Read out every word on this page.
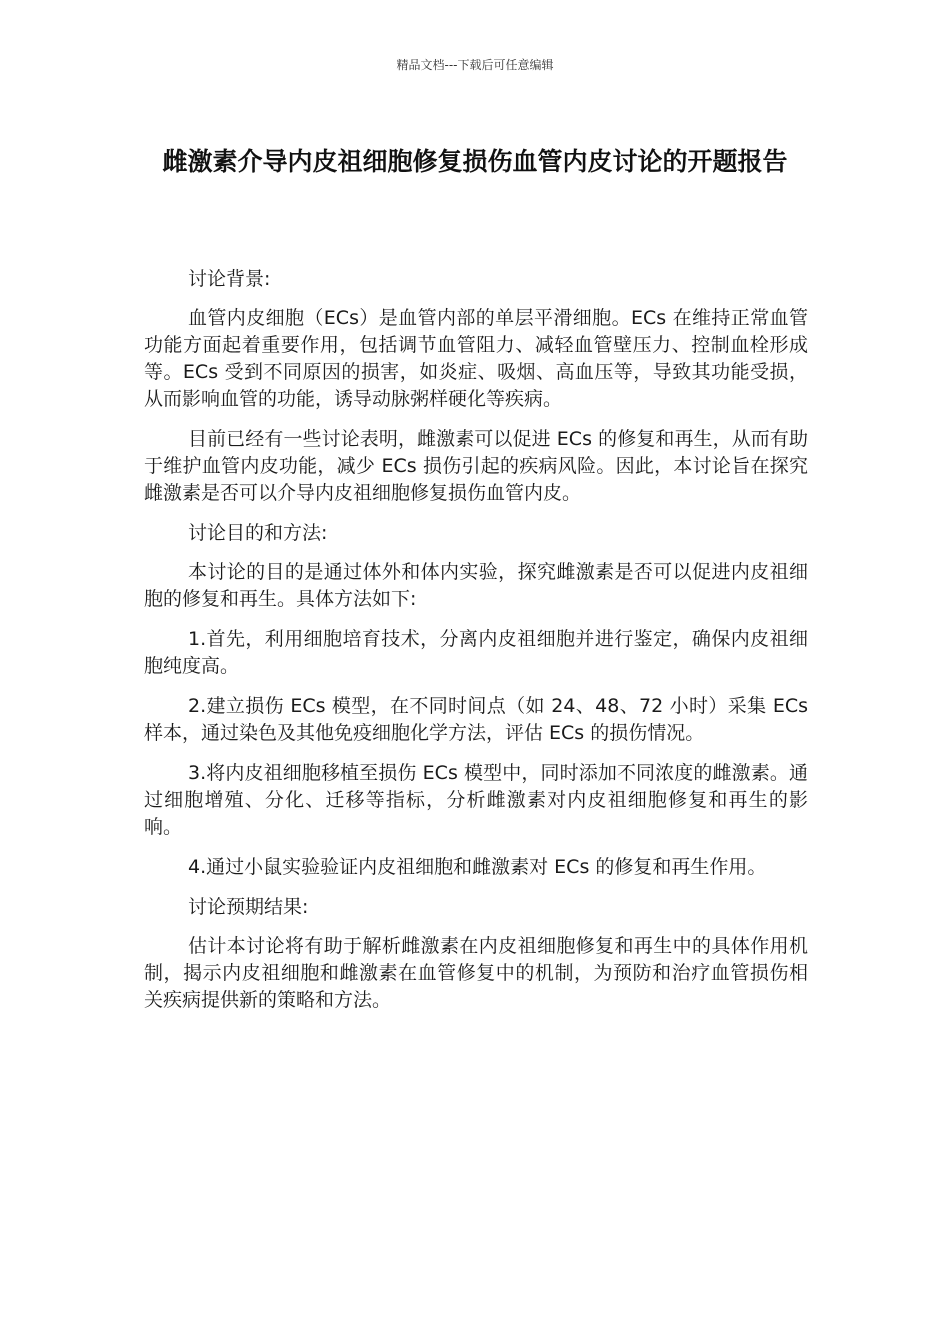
精品文档---下载后可任意编辑
雌激素介导内皮祖细胞修复损伤血管内皮讨论的开题报告

讨论背景:

血管内皮细胞（ECs）是血管内部的单层平滑细胞。ECs 在维持正常血管功能方面起着重要作用，包括调节血管阻力、减轻血管壁压力、控制血栓形成等。ECs 受到不同原因的损害，如炎症、吸烟、高血压等，导致其功能受损，从而影响血管的功能，诱导动脉粥样硬化等疾病。

目前已经有一些讨论表明，雌激素可以促进 ECs 的修复和再生，从而有助于维护血管内皮功能，减少 ECs 损伤引起的疾病风险。因此，本讨论旨在探究雌激素是否可以介导内皮祖细胞修复损伤血管内皮。

讨论目的和方法:

本讨论的目的是通过体外和体内实验，探究雌激素是否可以促进内皮祖细胞的修复和再生。具体方法如下:

1.首先，利用细胞培育技术，分离内皮祖细胞并进行鉴定，确保内皮祖细胞纯度高。

2.建立损伤 ECs 模型，在不同时间点（如 24、48、72 小时）采集 ECs 样本，通过染色及其他免疫细胞化学方法，评估 ECs 的损伤情况。

3.将内皮祖细胞移植至损伤 ECs 模型中，同时添加不同浓度的雌激素。通过细胞增殖、分化、迁移等指标，分析雌激素对内皮祖细胞修复和再生的影响。

4.通过小鼠实验验证内皮祖细胞和雌激素对 ECs 的修复和再生作用。

讨论预期结果:

估计本讨论将有助于解析雌激素在内皮祖细胞修复和再生中的具体作用机制，揭示内皮祖细胞和雌激素在血管修复中的机制，为预防和治疗血管损伤相关疾病提供新的策略和方法。
